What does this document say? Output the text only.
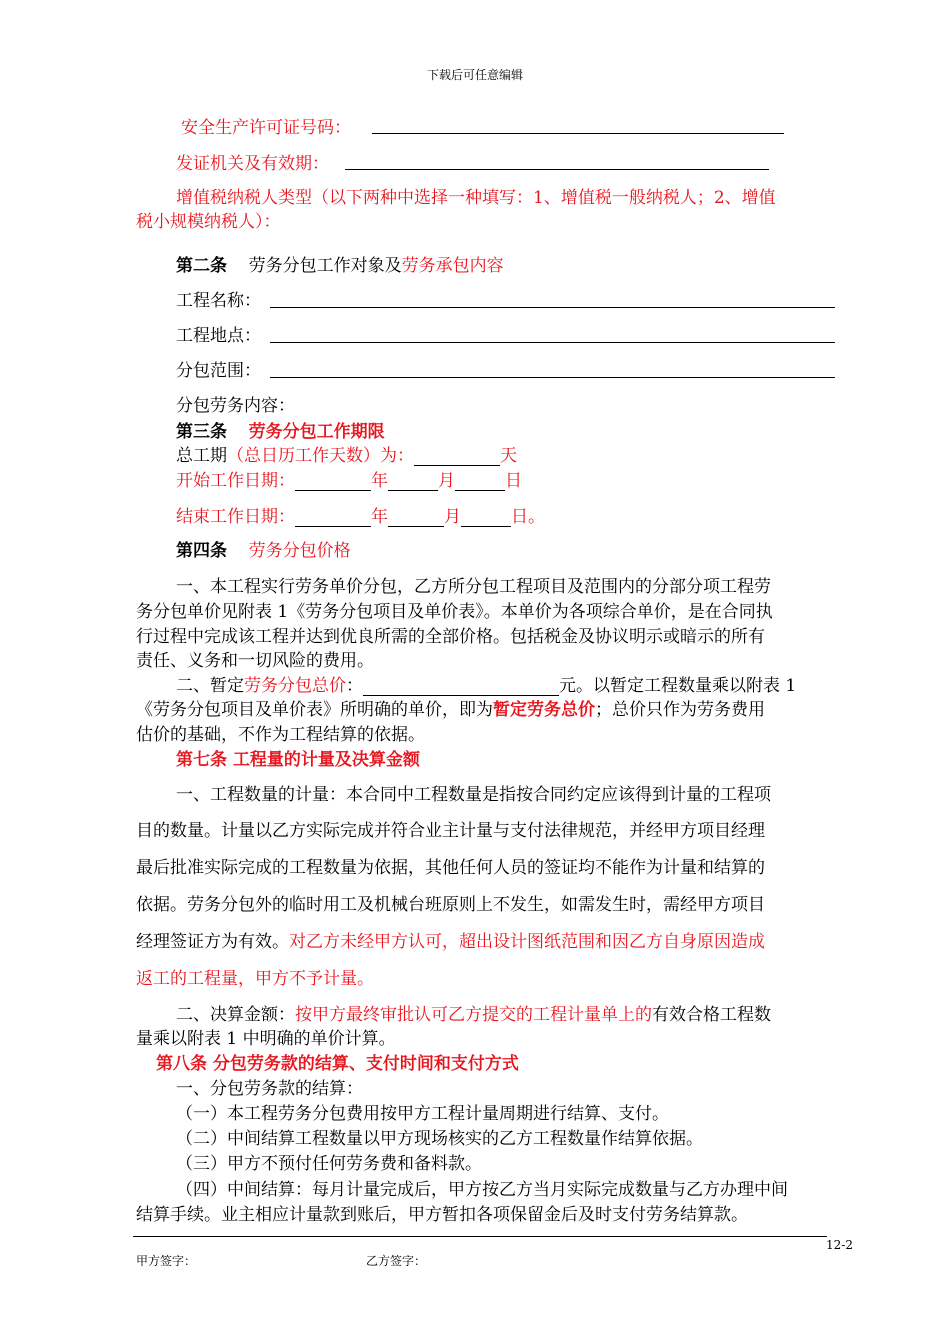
下载后可任意编辑
安全生产许可证号码：
发证机关及有效期：
增值税纳税人类型（以下两种中选择一种填写：1、增值税一般纳税人；2、增值
税小规模纳税人）：
第二条 劳务分包工作对象及劳务承包内容
工程名称：
工程地点：
分包范围：
分包劳务内容：
第三条 劳务分包工作期限
总工期（总日历工作天数）为：	天
开始工作日期：	年	月	日
结束工作日期：	年	月	日。
第四条 劳务分包价格
一、本工程实行劳务单价分包，乙方所分包工程项目及范围内的分部分项工程劳
务分包单价见附表 1《劳务分包项目及单价表》。本单价为各项综合单价，是在合同执
行过程中完成该工程并达到优良所需的全部价格。包括税金及协议明示或暗示的所有
责任、义务和一切风险的费用。
二、暂定劳务分包总价：	元。以暂定工程数量乘以附表 1
《劳务分包项目及单价表》所明确的单价，即为暂定劳务总价；总价只作为劳务费用
估价的基础，不作为工程结算的依据。
第七条 工程量的计量及决算金额
一、工程数量的计量：本合同中工程数量是指按合同约定应该得到计量的工程项
目的数量。计量以乙方实际完成并符合业主计量与支付法律规范，并经甲方项目经理
最后批准实际完成的工程数量为依据，其他任何人员的签证均不能作为计量和结算的
依据。劳务分包外的临时用工及机械台班原则上不发生，如需发生时，需经甲方项目
经理签证方为有效。对乙方未经甲方认可，超出设计图纸范围和因乙方自身原因造成
返工的工程量，甲方不予计量。
二、决算金额：按甲方最终审批认可乙方提交的工程计量单上的有效合格工程数
量乘以附表 1 中明确的单价计算。
第八条 分包劳务款的结算、支付时间和支付方式
一、分包劳务款的结算：
（一）本工程劳务分包费用按甲方工程计量周期进行结算、支付。
（二）中间结算工程数量以甲方现场核实的乙方工程数量作结算依据。
（三）甲方不预付任何劳务费和备料款。
（四）中间结算：每月计量完成后，甲方按乙方当月实际完成数量与乙方办理中间
结算手续。业主相应计量款到账后，甲方暂扣各项保留金后及时支付劳务结算款。
12-2
甲方签字：	乙方签字：
